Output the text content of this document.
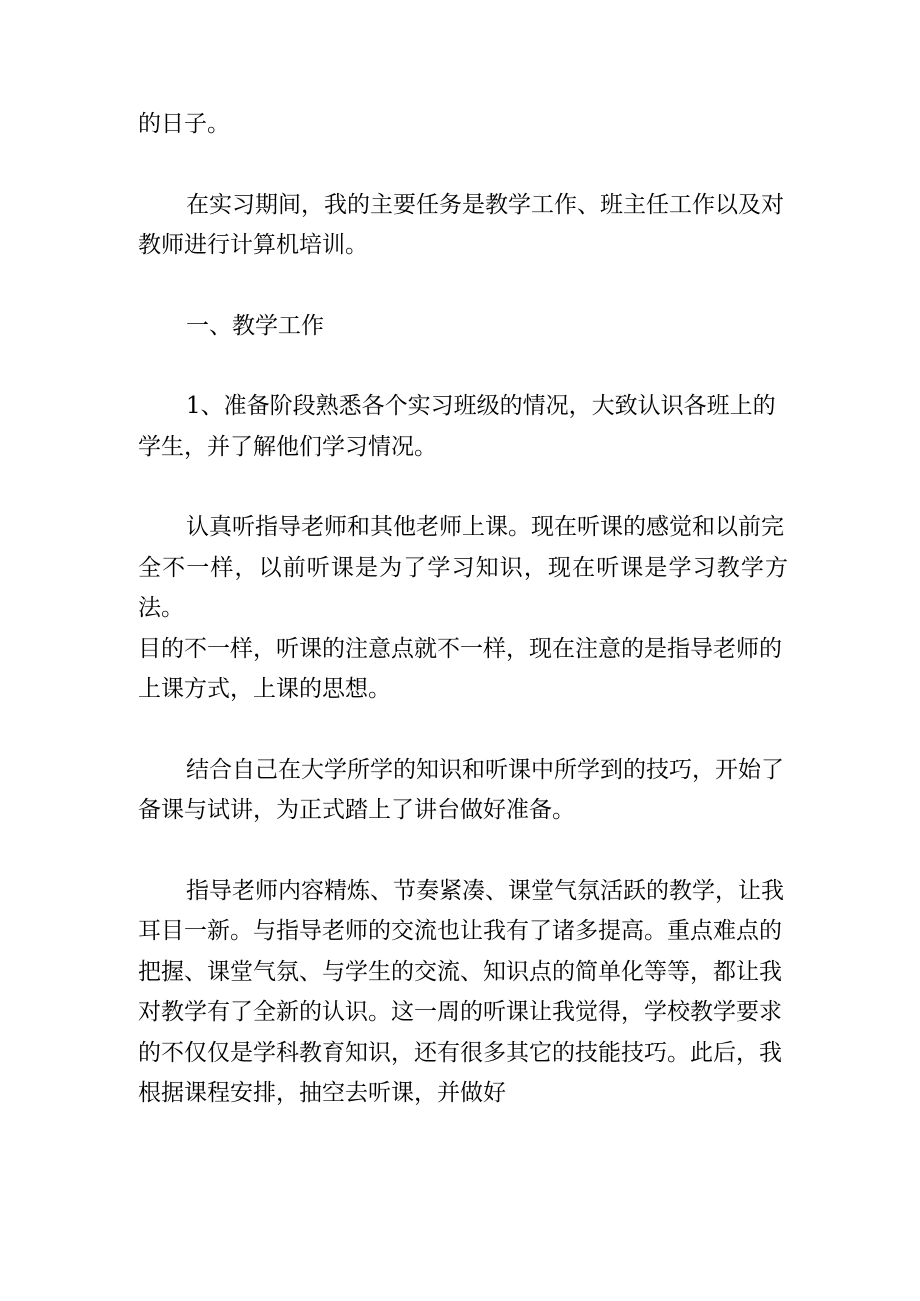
的日子。

在实习期间，我的主要任务是教学工作、班主任工作以及对
教师进行计算机培训。

一、教学工作

1、准备阶段熟悉各个实习班级的情况，大致认识各班上的
学生，并了解他们学习情况。

认真听指导老师和其他老师上课。现在听课的感觉和以前完
全不一样，以前听课是为了学习知识，现在听课是学习教学方法。
目的不一样，听课的注意点就不一样，现在注意的是指导老师的
上课方式，上课的思想。

结合自己在大学所学的知识和听课中所学到的技巧，开始了
备课与试讲，为正式踏上了讲台做好准备。

指导老师内容精炼、节奏紧凑、课堂气氛活跃的教学，让我
耳目一新。与指导老师的交流也让我有了诸多提高。重点难点的
把握、课堂气氛、与学生的交流、知识点的简单化等等，都让我
对教学有了全新的认识。这一周的听课让我觉得，学校教学要求
的不仅仅是学科教育知识，还有很多其它的技能技巧。此后，我
根据课程安排，抽空去听课，并做好
